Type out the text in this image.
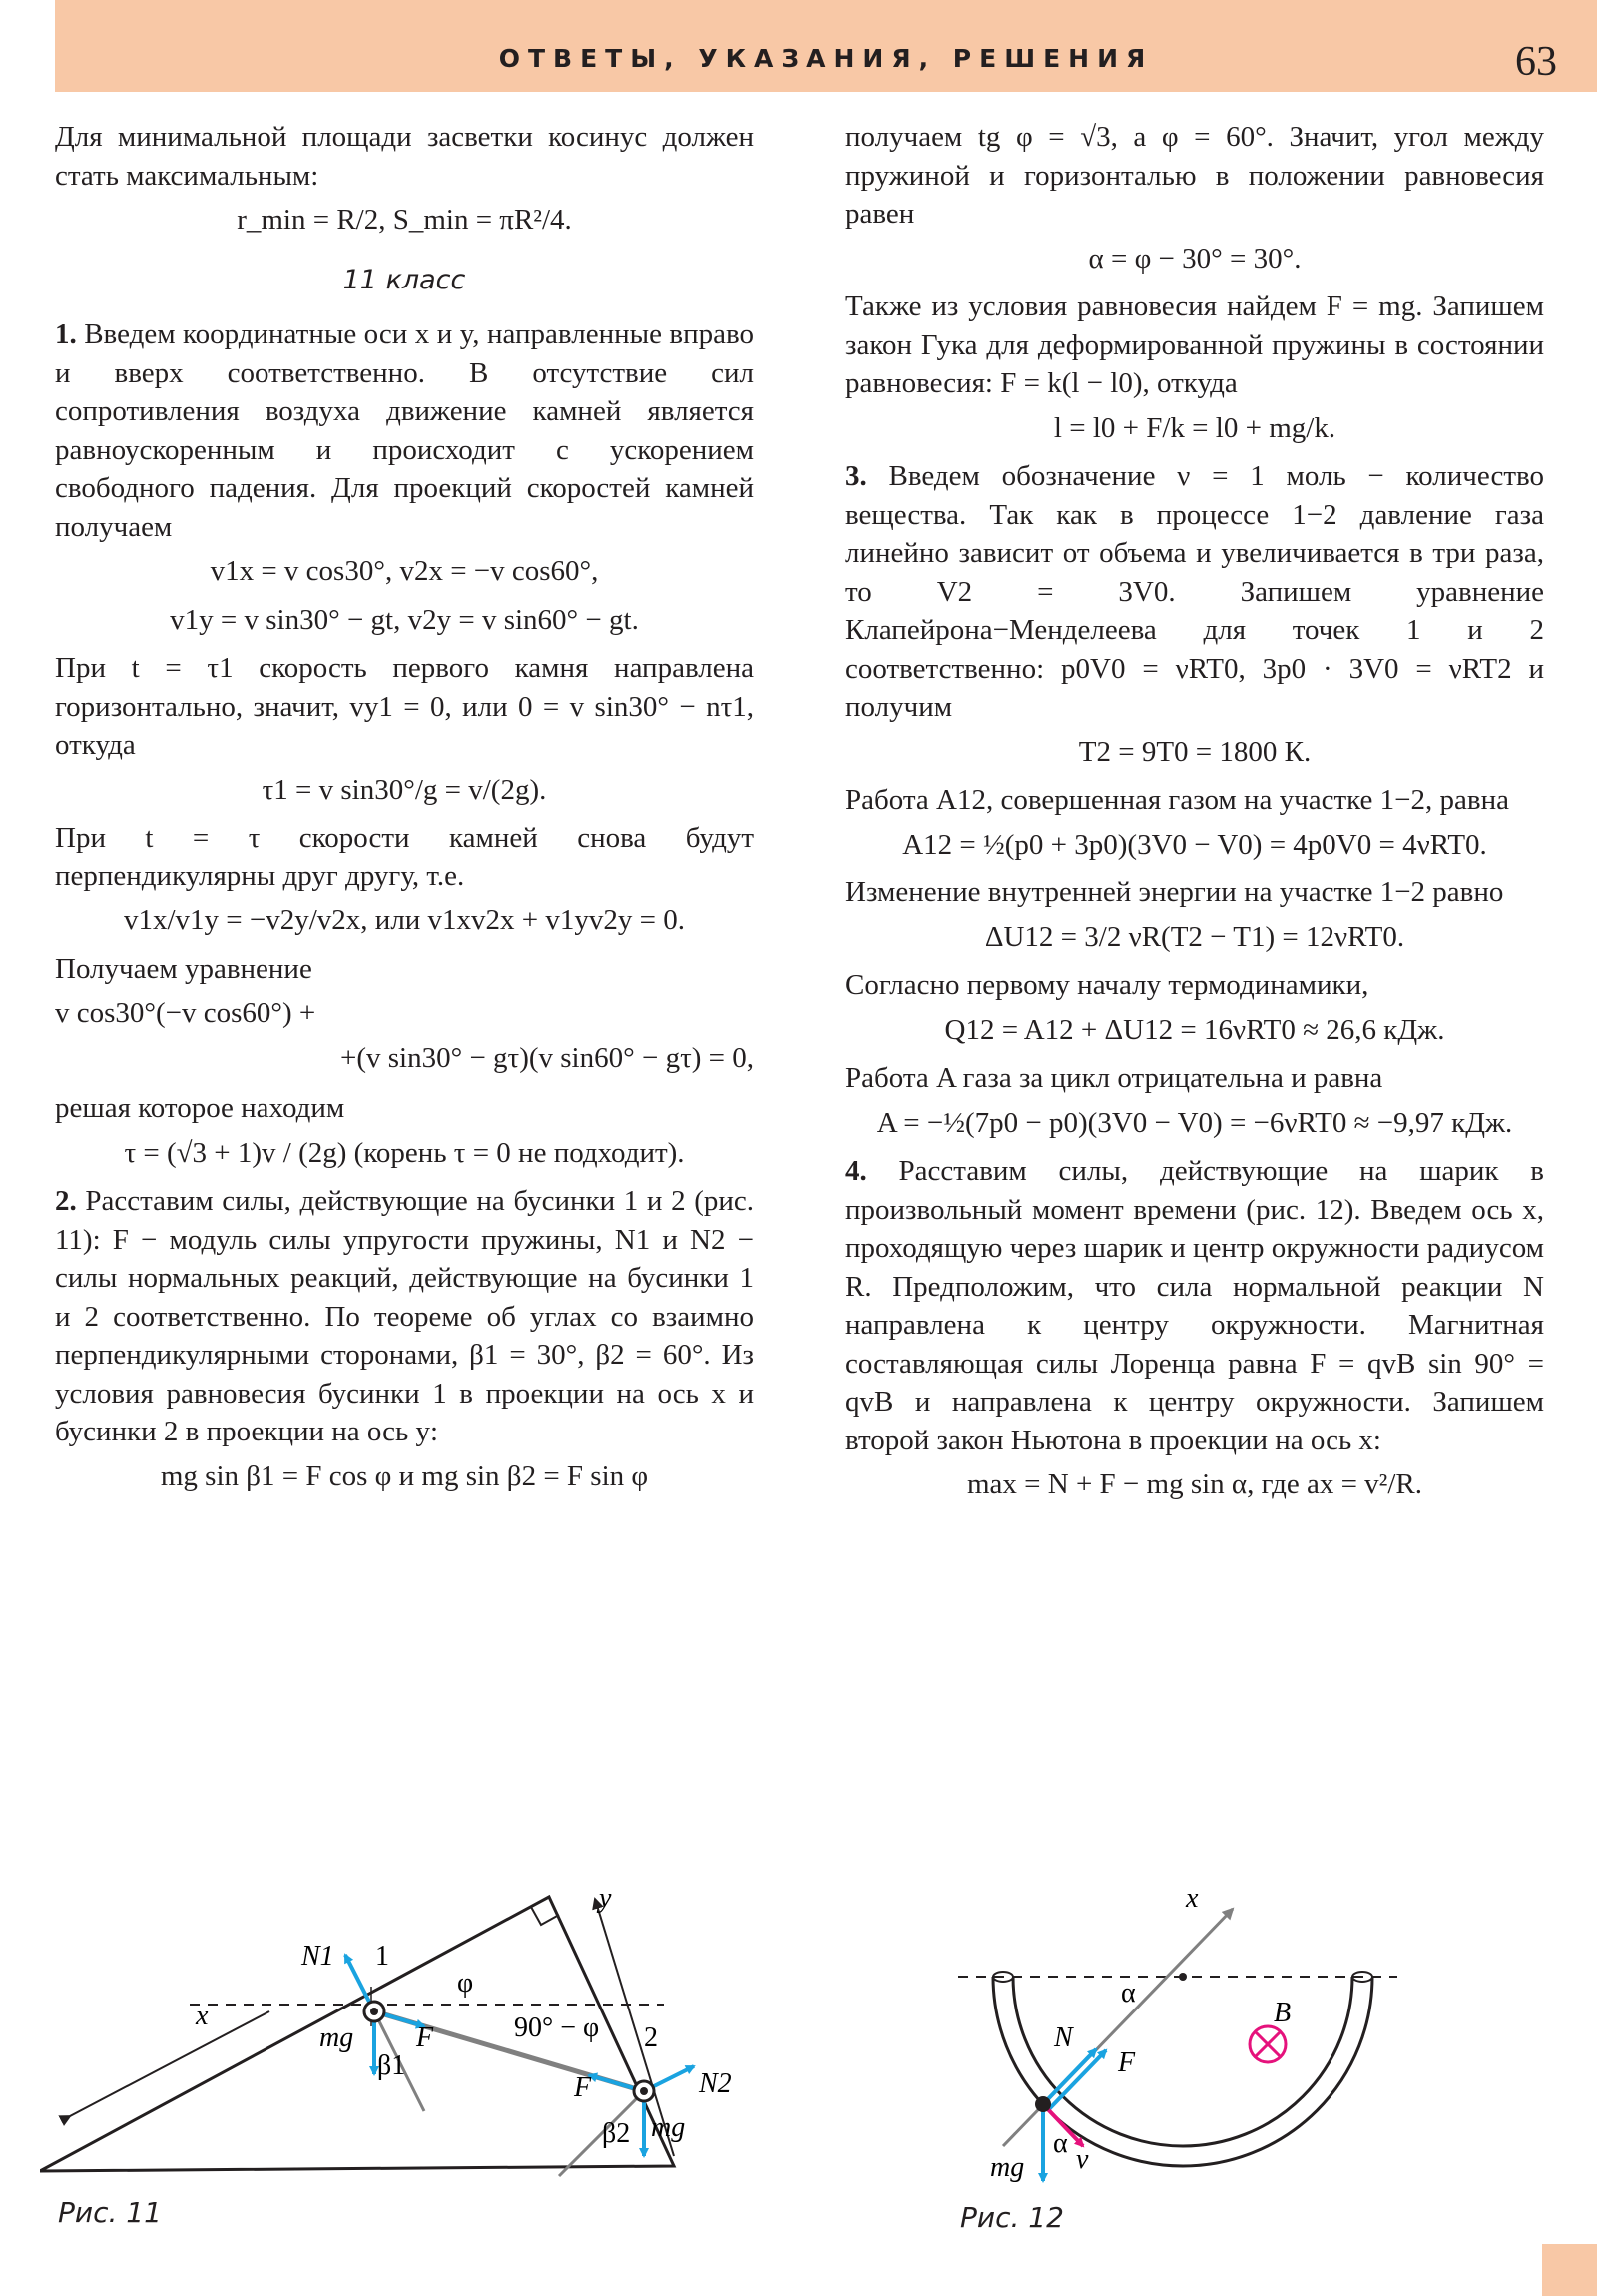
ОТВЕТЫ, УКАЗАНИЯ, РЕШЕНИЯ	63

Для минимальной площади засветки косинус должен стать максимальным:

r_min = R/2, S_min = πR²/4.
11 класс

1. Введем координатные оси x и y, направленные вправо и вверх соответственно. В отсутствие сил сопротивления воздуха движение камней является равноускоренным и происходит с ускорением свободного падения. Для проекций скоростей камней получаем

v1x = v cos30°, v2x = −v cos60°,
v1y = v sin30° − gt, v2y = v sin60° − gt.

При t = τ1 скорость первого камня направлена горизонтально, значит, vy1 = 0, или 0 = v sin30° − nτ1, откуда

τ1 = v sin30°/g = v/(2g).

При t = τ скорости камней снова будут перпендикулярны друг другу, т.е.

v1x/v1y = −v2y/v2x, или v1xv2x + v1yv2y = 0.

Получаем уравнение

v cos30°(−v cos60°) +
+(v sin30° − gτ)(v sin60° − gτ) = 0,

решая которое находим

τ = (√3 + 1)v / (2g) (корень τ = 0 не подходит).

2. Расставим силы, действующие на бусинки 1 и 2 (рис. 11): F − модуль силы упругости пружины, N1 и N2 − силы нормальных реакций, действующие на бусинки 1 и 2 соответственно. По теореме об углах со взаимно перпендикулярными сторонами, β1 = 30°, β2 = 60°. Из условия равновесия бусинки 1 в проекции на ось x и бусинки 2 в проекции на ось y:

mg sin β1 = F cos φ и mg sin β2 = F sin φ

получаем tg φ = √3, а φ = 60°. Значит, угол между пружиной и горизонталью в положении равновесия равен

α = φ − 30° = 30°.

Также из условия равновесия найдем F = mg. Запишем закон Гука для деформированной пружины в состоянии равновесия: F = k(l − l0), откуда

l = l0 + F/k = l0 + mg/k.

3. Введем обозначение ν = 1 моль − количество вещества. Так как в процессе 1−2 давление газа линейно зависит от объема и увеличивается в три раза, то V2 = 3V0. Запишем уравнение Клапейрона−Менделеева для точек 1 и 2 соответственно: p0V0 = νRT0, 3p0 · 3V0 = νRT2 и получим

T2 = 9T0 = 1800 К.

Работа A12, совершенная газом на участке 1−2, равна

A12 = ½(p0 + 3p0)(3V0 − V0) = 4p0V0 = 4νRT0.

Изменение внутренней энергии на участке 1−2 равно

ΔU12 = 3/2 νR(T2 − T1) = 12νRT0.

Согласно первому началу термодинамики,

Q12 = A12 + ΔU12 = 16νRT0 ≈ 26,6 кДж.

Работа A газа за цикл отрицательна и равна

A = −½(7p0 − p0)(3V0 − V0) = −6νRT0 ≈ −9,97 кДж.

4. Расставим силы, действующие на шарик в произвольный момент времени (рис. 12). Введем ось x, проходящую через шарик и центр окружности радиусом R. Предположим, что сила нормальной реакции N направлена к центру окружности. Магнитная составляющая силы Лоренца равна F = qvB sin 90° = qvB и направлена к центру окружности. Запишем второй закон Ньютона в проекции на ось x:

max = N + F − mg sin α, где ax = v²/R.
N1 1
φ
y
x
mg F
β1
90° − φ 2
N2
F
β2 mg
Рис. 11
x
α
B
N
F
α
mg v
Рис. 12
